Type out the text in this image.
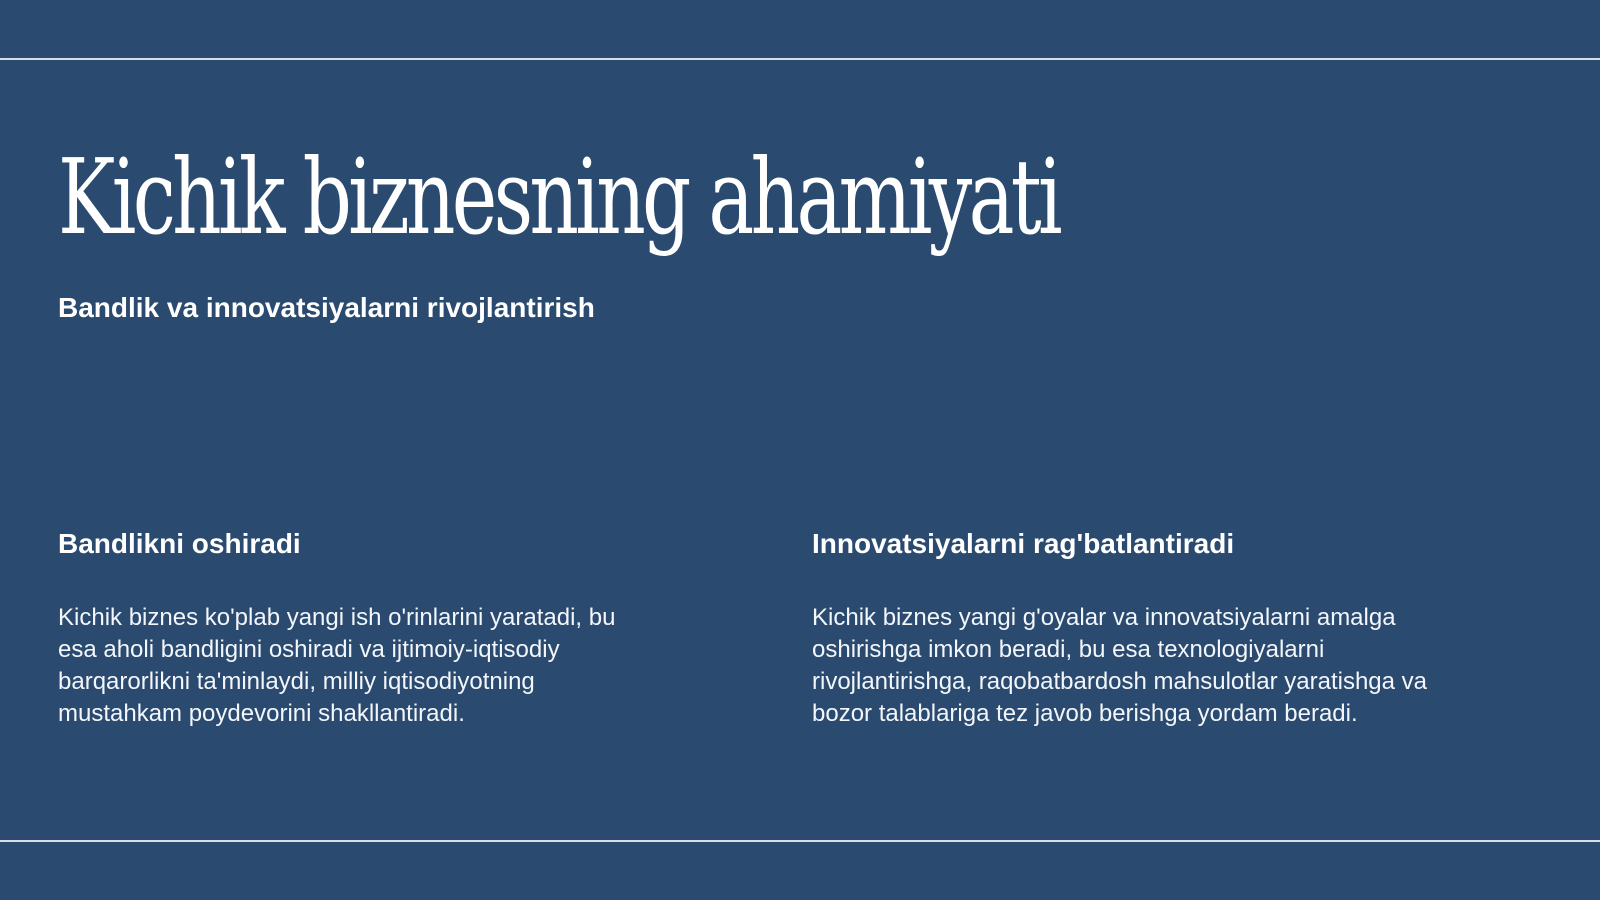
Kichik biznesning ahamiyati
Bandlik va innovatsiyalarni rivojlantirish
Bandlikni oshiradi

Kichik biznes ko'plab yangi ish o'rinlarini yaratadi, bu esa aholi bandligini oshiradi va ijtimoiy-iqtisodiy barqarorlikni ta'minlaydi, milliy iqtisodiyotning mustahkam poydevorini shakllantiradi.

Innovatsiyalarni rag'batlantiradi

Kichik biznes yangi g'oyalar va innovatsiyalarni amalga oshirishga imkon beradi, bu esa texnologiyalarni rivojlantirishga, raqobatbardosh mahsulotlar yaratishga va bozor talablariga tez javob berishga yordam beradi.
